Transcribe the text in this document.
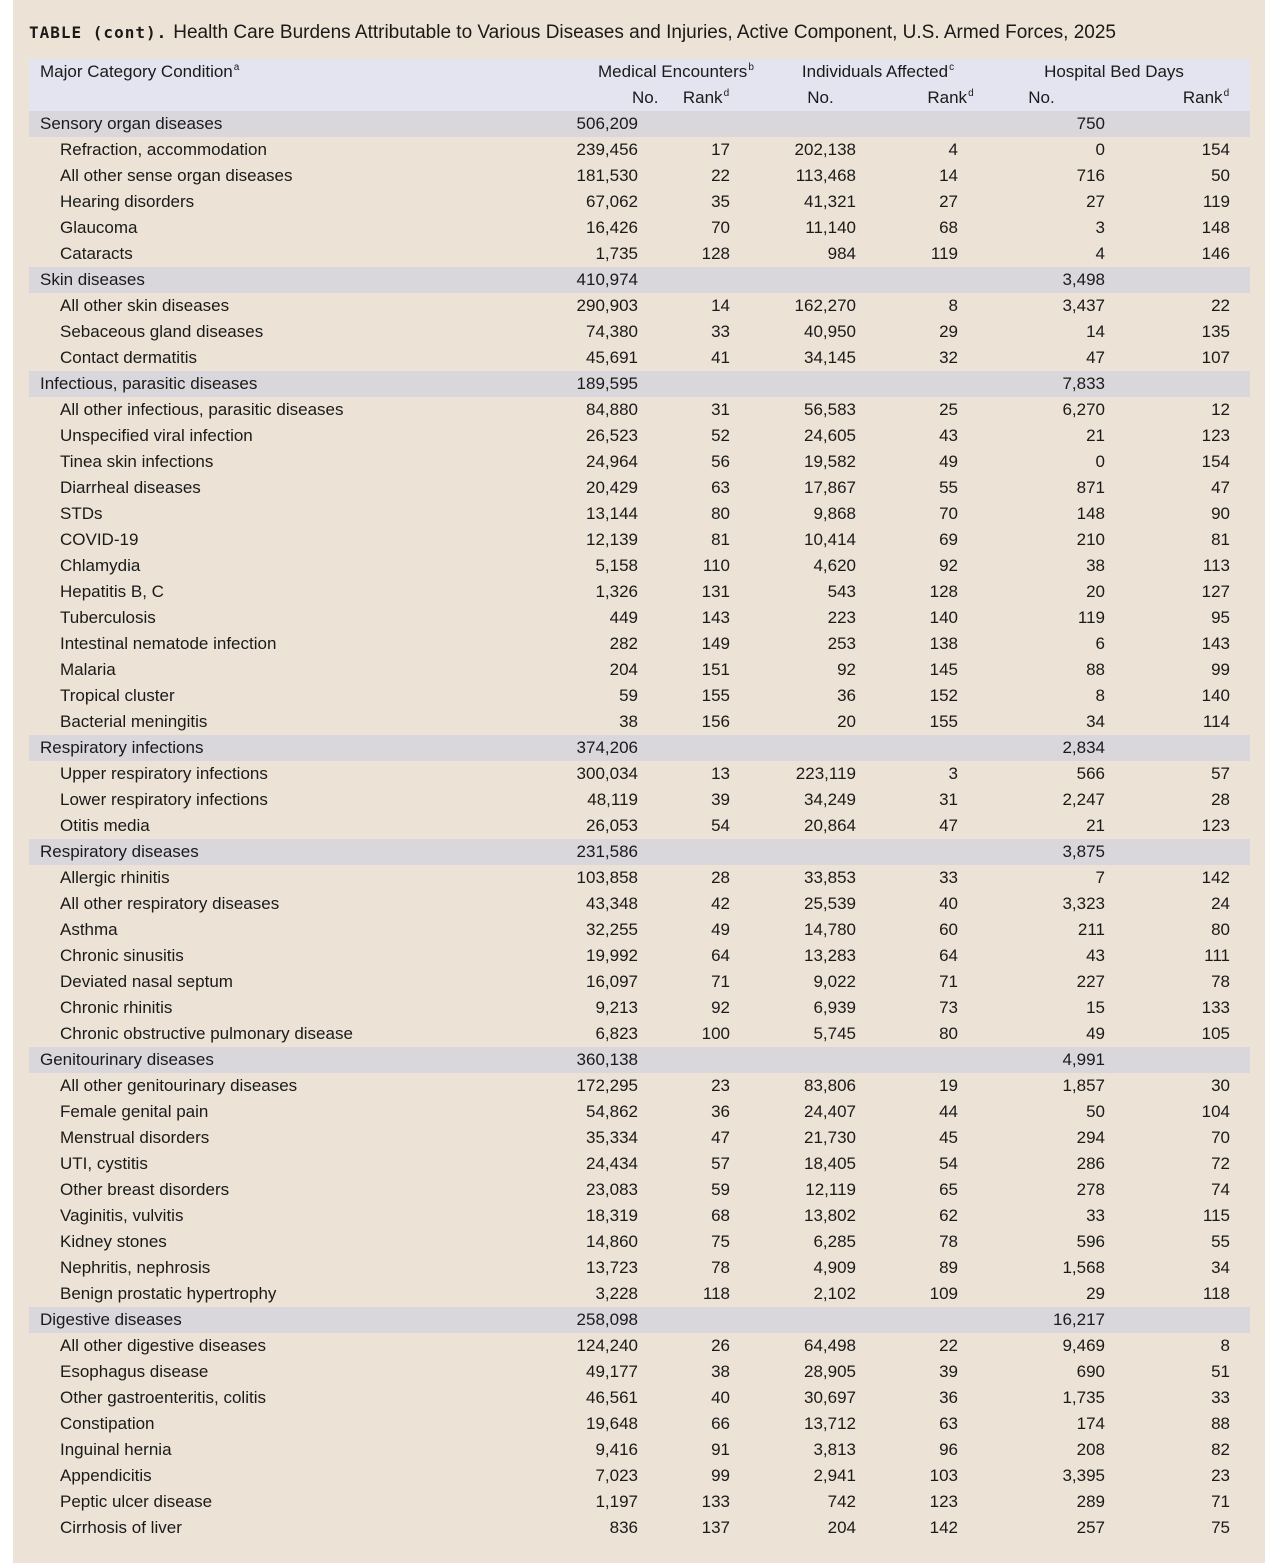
TABLE (cont). Health Care Burdens Attributable to Various Diseases and Injuries, Active Component, U.S. Armed Forces, 2025
Major Category Condition$^a$	Medical Encounters$^b$		Individuals Affected$^c$		Hospital Bed Days	
	No.	Rank$^d$	No.	Rank$^d$	No.	Rank$^d$
Sensory organ diseases	506,209				750	
Refraction, accommodation	239,456	17	202,138	4	0	154
All other sense organ diseases	181,530	22	113,468	14	716	50
Hearing disorders	67,062	35	41,321	27	27	119
Glaucoma	16,426	70	11,140	68	3	148
Cataracts	1,735	128	984	119	4	146
Skin diseases	410,974				3,498	
All other skin diseases	290,903	14	162,270	8	3,437	22
Sebaceous gland diseases	74,380	33	40,950	29	14	135
Contact dermatitis	45,691	41	34,145	32	47	107
Infectious, parasitic diseases	189,595				7,833	
All other infectious, parasitic diseases	84,880	31	56,583	25	6,270	12
Unspecified viral infection	26,523	52	24,605	43	21	123
Tinea skin infections	24,964	56	19,582	49	0	154
Diarrheal diseases	20,429	63	17,867	55	871	47
STDs	13,144	80	9,868	70	148	90
COVID-19	12,139	81	10,414	69	210	81
Chlamydia	5,158	110	4,620	92	38	113
Hepatitis B, C	1,326	131	543	128	20	127
Tuberculosis	449	143	223	140	119	95
Intestinal nematode infection	282	149	253	138	6	143
Malaria	204	151	92	145	88	99
Tropical cluster	59	155	36	152	8	140
Bacterial meningitis	38	156	20	155	34	114
Respiratory infections	374,206				2,834	
Upper respiratory infections	300,034	13	223,119	3	566	57
Lower respiratory infections	48,119	39	34,249	31	2,247	28
Otitis media	26,053	54	20,864	47	21	123
Respiratory diseases	231,586				3,875	
Allergic rhinitis	103,858	28	33,853	33	7	142
All other respiratory diseases	43,348	42	25,539	40	3,323	24
Asthma	32,255	49	14,780	60	211	80
Chronic sinusitis	19,992	64	13,283	64	43	111
Deviated nasal septum	16,097	71	9,022	71	227	78
Chronic rhinitis	9,213	92	6,939	73	15	133
Chronic obstructive pulmonary disease	6,823	100	5,745	80	49	105
Genitourinary diseases	360,138				4,991	
All other genitourinary diseases	172,295	23	83,806	19	1,857	30
Female genital pain	54,862	36	24,407	44	50	104
Menstrual disorders	35,334	47	21,730	45	294	70
UTI, cystitis	24,434	57	18,405	54	286	72
Other breast disorders	23,083	59	12,119	65	278	74
Vaginitis, vulvitis	18,319	68	13,802	62	33	115
Kidney stones	14,860	75	6,285	78	596	55
Nephritis, nephrosis	13,723	78	4,909	89	1,568	34
Benign prostatic hypertrophy	3,228	118	2,102	109	29	118
Digestive diseases	258,098				16,217	
All other digestive diseases	124,240	26	64,498	22	9,469	8
Esophagus disease	49,177	38	28,905	39	690	51
Other gastroenteritis, colitis	46,561	40	30,697	36	1,735	33
Constipation	19,648	66	13,712	63	174	88
Inguinal hernia	9,416	91	3,813	96	208	82
Appendicitis	7,023	99	2,941	103	3,395	23
Peptic ulcer disease	1,197	133	742	123	289	71
Cirrhosis of liver	836	137	204	142	257	75
